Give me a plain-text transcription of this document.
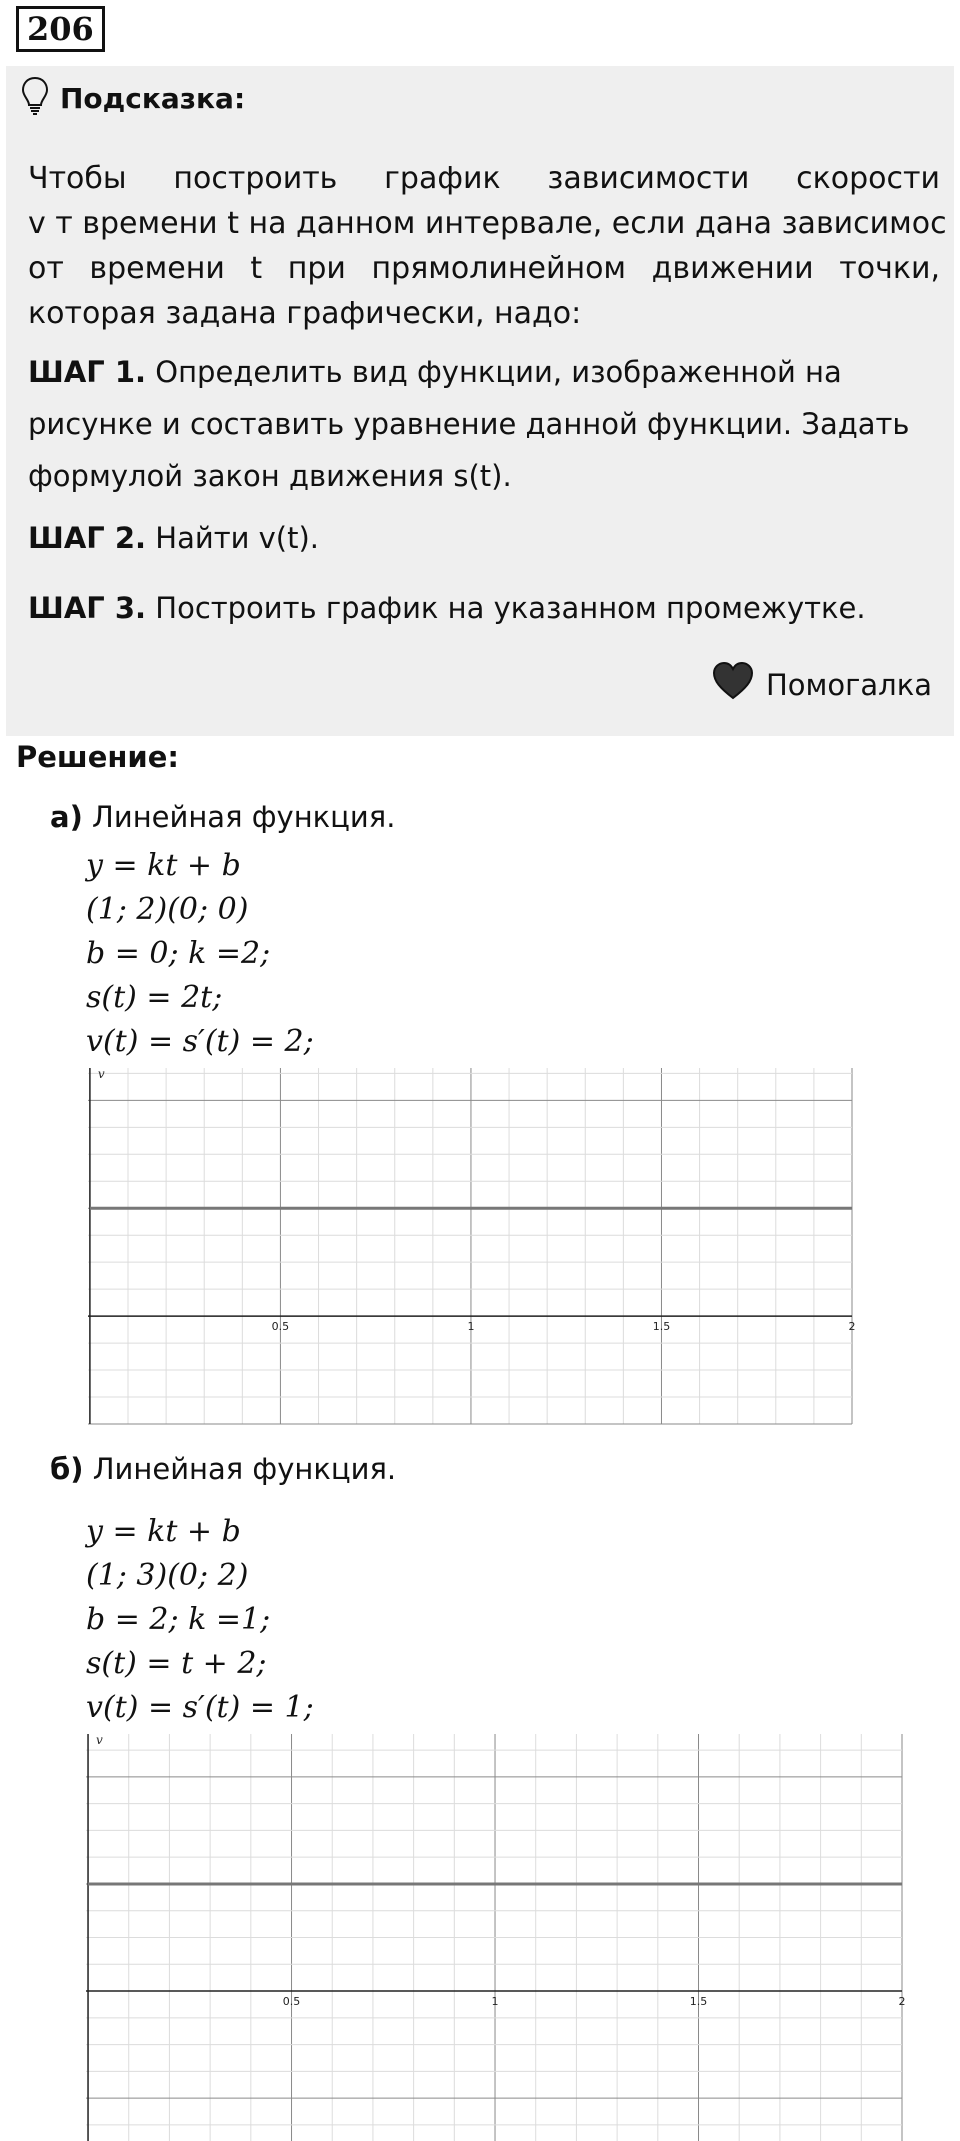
206
Подсказка:

Чтобы построить график зависимости скорости

v т времени t на данном интервале, если дана зависимос

от времени t при прямолинейном движении точки,

которая задана графически, надо:

ШАГ 1. Определить вид функции, изображенной на
рисунке и составить уравнение данной функции. Задать
формулой закон движения s(t).
ШАГ 2. Найти v(t).
ШАГ 3. Построить график на указанном промежутке.
Помогалка
Решение:
а) Линейная функция.
y = kt + b
(1; 2)(0; 0)
b = 0; k =2;
s(t) = 2t;
v(t) = s′(t) = 2;
0.5	1	1.5	2
v
б) Линейная функция.
y = kt + b
(1; 3)(0; 2)
b = 2; k =1;
s(t) = t + 2;
v(t) = s′(t) = 1;
0.5	1	1.5	2
v
